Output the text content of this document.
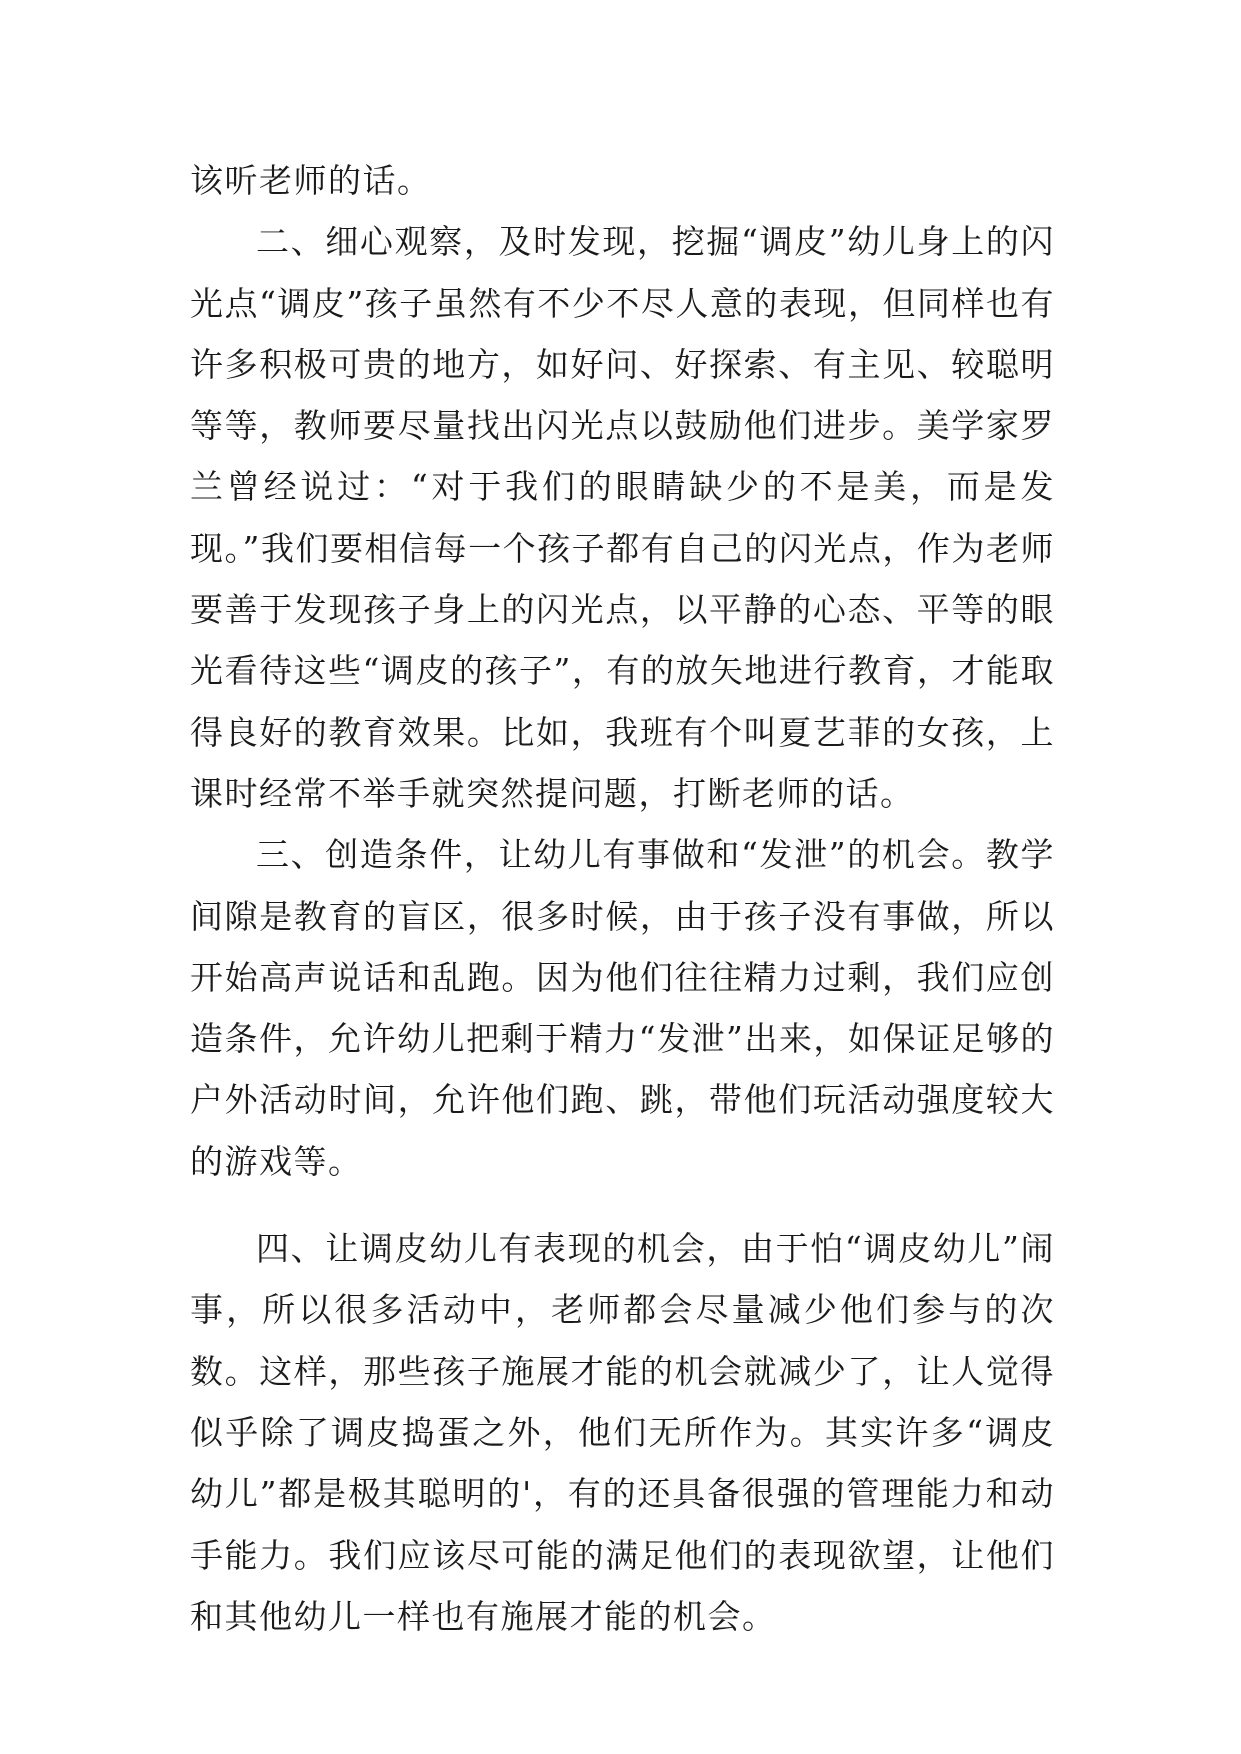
该听老师的话。

二、细心观察，及时发现，挖掘“调皮”幼儿身上的闪光点“调皮”孩子虽然有不少不尽人意的表现，但同样也有许多积极可贵的地方，如好问、好探索、有主见、较聪明等等，教师要尽量找出闪光点以鼓励他们进步。美学家罗兰曾经说过：“对于我们的眼睛缺少的不是美，而是发现。”我们要相信每一个孩子都有自己的闪光点，作为老师要善于发现孩子身上的闪光点，以平静的心态、平等的眼光看待这些“调皮的孩子”，有的放矢地进行教育，才能取得良好的教育效果。比如，我班有个叫夏艺菲的女孩，上课时经常不举手就突然提问题，打断老师的话。

三、创造条件，让幼儿有事做和“发泄”的机会。教学间隙是教育的盲区，很多时候，由于孩子没有事做，所以开始高声说话和乱跑。因为他们往往精力过剩，我们应创造条件，允许幼儿把剩于精力“发泄”出来，如保证足够的户外活动时间，允许他们跑、跳，带他们玩活动强度较大的游戏等。

四、让调皮幼儿有表现的机会，由于怕“调皮幼儿”闹事，所以很多活动中，老师都会尽量减少他们参与的次数。这样，那些孩子施展才能的机会就减少了，让人觉得似乎除了调皮捣蛋之外，他们无所作为。其实许多“调皮幼儿”都是极其聪明的'，有的还具备很强的管理能力和动手能力。我们应该尽可能的满足他们的表现欲望，让他们和其他幼儿一样也有施展才能的机会。
